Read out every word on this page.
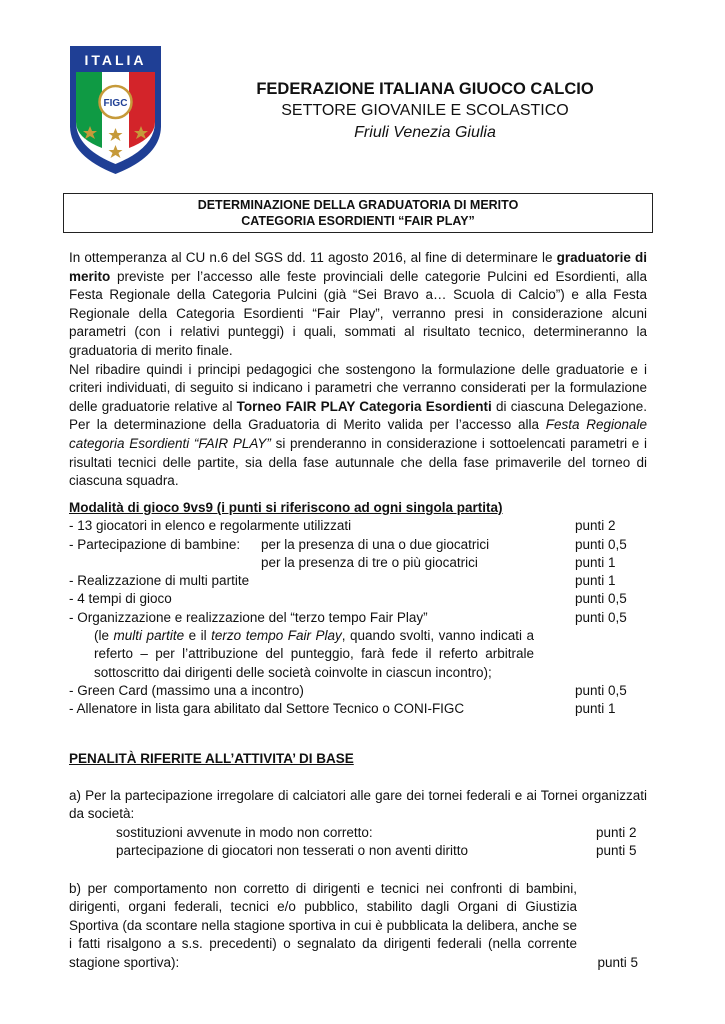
ITALIA
FIGC
FEDERAZIONE ITALIANA GIUOCO CALCIO
SETTORE GIOVANILE E SCOLASTICO
Friuli Venezia Giulia
DETERMINAZIONE DELLA GRADUATORIA DI MERITO
CATEGORIA ESORDIENTI “FAIR PLAY”

In ottemperanza al CU n.6 del SGS dd. 11 agosto 2016, al fine di determinare le graduatorie di merito previste per l’accesso alle feste provinciali delle categorie Pulcini ed Esordienti, alla Festa Regionale della Categoria Pulcini (già “Sei Bravo a… Scuola di Calcio”) e alla Festa Regionale della Categoria Esordienti “Fair Play”, verranno presi in considerazione alcuni parametri (con i relativi punteggi) i quali, sommati al risultato tecnico, determineranno la graduatoria di merito finale.

Nel ribadire quindi i principi pedagogici che sostengono la formulazione delle graduatorie e i criteri individuati, di seguito si indicano i parametri che verranno considerati per la formulazione delle graduatorie relative al Torneo FAIR PLAY Categoria Esordienti di ciascuna Delegazione. Per la determinazione della Graduatoria di Merito valida per l’accesso alla Festa Regionale categoria Esordienti “FAIR PLAY” si prenderanno in considerazione i sottoelencati parametri e i risultati tecnici delle partite, sia della fase autunnale che della fase primaverile del torneo di ciascuna squadra.

Modalità di gioco 9vs9 (i punti si riferiscono ad ogni singola partita)
- 13 giocatori in elenco e regolarmente utilizzati	punti 2
- Partecipazione di bambine: per la presenza di una o due giocatrici	punti 0,5
per la presenza di tre o più giocatrici	punti 1
- Realizzazione di multi partite	punti 1
- 4 tempi di gioco	punti 0,5
- Organizzazione e realizzazione del “terzo tempo Fair Play”	punti 0,5
(le multi partite e il terzo tempo Fair Play, quando svolti, vanno indicati a referto – per l’attribuzione del punteggio, farà fede il referto arbitrale sottoscritto dai dirigenti delle società coinvolte in ciascun incontro);
- Green Card (massimo una a incontro)	punti 0,5
- Allenatore in lista gara abilitato dal Settore Tecnico o CONI-FIGC	punti 1
PENALITÀ RIFERITE ALL’ATTIVITA’ DI BASE

a) Per la partecipazione irregolare di calciatori alle gare dei tornei federali e ai Tornei organizzati da società:

sostituzioni avvenute in modo non corretto:	punti 2
partecipazione di giocatori non tesserati o non aventi diritto	punti 5

b) per comportamento non corretto di dirigenti e tecnici nei confronti di bambini, dirigenti, organi federali, tecnici e/o pubblico, stabilito dagli Organi di Giustizia Sportiva (da scontare nella stagione sportiva in cui è pubblicata la delibera, anche se i fatti risalgono a s.s. precedenti) o segnalato da dirigenti federali (nella corrente stagione sportiva):	punti 5
